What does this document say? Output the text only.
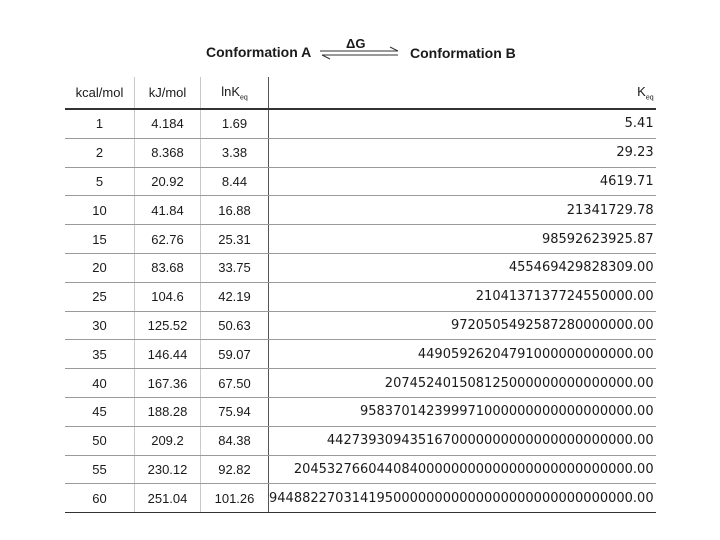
Conformation A
ΔG
Conformation B
kcal/mol	kJ/mol	lnK$_{eq}$	$K_{eq}$
1	4.184	1.69	5.41
2	8.368	3.38	29.23
5	20.92	8.44	4619.71
10	41.84	16.88	21341729.78
15	62.76	25.31	98592623925.87
20	83.68	33.75	455469429828309.00
25	104.6	42.19	2104137137724550000.00
30	125.52	50.63	9720505492587280000000.00
35	146.44	59.07	44905926204791000000000000.00
40	167.36	67.50	207452401508125000000000000000.00
45	188.28	75.94	958370142399971000000000000000000.00
50	209.2	84.38	4427393094351670000000000000000000000.00
55	230.12	92.82	20453276604408400000000000000000000000000.00
60	251.04	101.26	94488227031419500000000000000000000000000000.00
